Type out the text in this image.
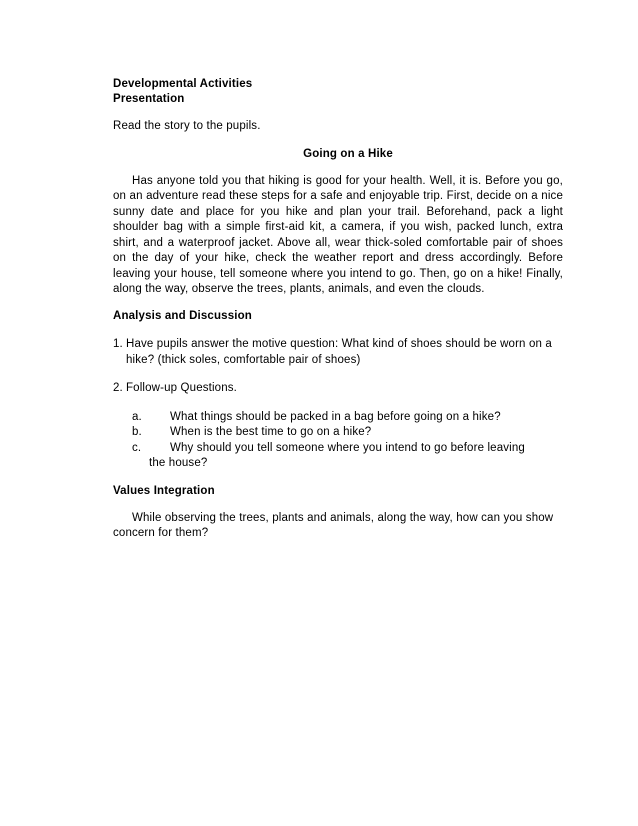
Developmental Activities
Presentation

Read the story to the pupils.

Going on a Hike

Has anyone told you that hiking is good for your health. Well, it is. Before you go, on an adventure read these steps for a safe and enjoyable trip. First, decide on a nice sunny date and place for you hike and plan your trail. Beforehand, pack a light shoulder bag with a simple first-aid kit, a camera, if you wish, packed lunch, extra shirt, and a waterproof jacket. Above all, wear thick-soled comfortable pair of shoes on the day of your hike, check the weather report and dress accordingly. Before leaving your house, tell someone where you intend to go. Then, go on a hike! Finally, along the way, observe the trees, plants, animals, and even the clouds.

Analysis and Discussion
1. Have pupils answer the motive question: What kind of shoes should be worn on a hike? (thick soles, comfortable pair of shoes)
2. Follow-up Questions.
a.	What things should be packed in a bag before going on a hike?
b.	When is the best time to go on a hike?
c.	Why should you tell someone where you intend to go before leaving
the house?
Values Integration

While observing the trees, plants and animals, along the way, how can you show concern for them?
